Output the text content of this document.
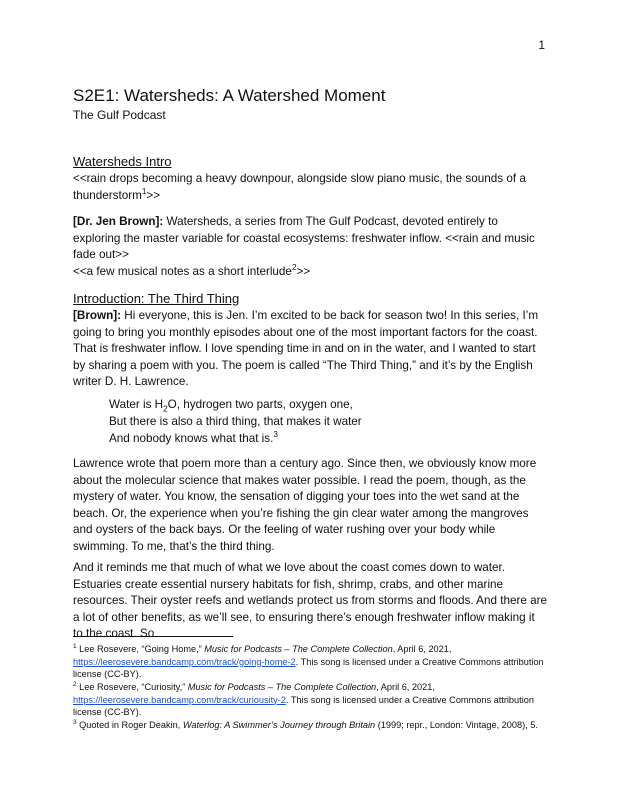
1
S2E1: Watersheds: A Watershed Moment
The Gulf Podcast
Watersheds Intro
<<rain drops becoming a heavy downpour, alongside slow piano music, the sounds of a thunderstorm$^1$>>
[Dr. Jen Brown]: Watersheds, a series from The Gulf Podcast, devoted entirely to exploring the master variable for coastal ecosystems: freshwater inflow. <<rain and music fade out>>
<<a few musical notes as a short interlude$^2$>>
Introduction: The Third Thing
[Brown]: Hi everyone, this is Jen. I’m excited to be back for season two! In this series, I’m going to bring you monthly episodes about one of the most important factors for the coast. That is freshwater inflow. I love spending time in and on in the water, and I wanted to start by sharing a poem with you. The poem is called “The Third Thing,” and it’s by the English writer D. H. Lawrence.
Water is $H_2O$, hydrogen two parts, oxygen one,
But there is also a third thing, that makes it water
And nobody knows what that is.$^3$
Lawrence wrote that poem more than a century ago. Since then, we obviously know more about the molecular science that makes water possible. I read the poem, though, as the mystery of water. You know, the sensation of digging your toes into the wet sand at the beach. Or, the experience when you’re fishing the gin clear water among the mangroves and oysters of the back bays. Or the feeling of water rushing over your body while swimming. To me, that’s the third thing.
And it reminds me that much of what we love about the coast comes down to water. Estuaries create essential nursery habitats for fish, shrimp, crabs, and other marine resources. Their oyster reefs and wetlands protect us from storms and floods. And there are a lot of other benefits, as we’ll see, to ensuring there’s enough freshwater inflow making it to the coast. So
$^1$ Lee Rosevere, “Going Home,” Music for Podcasts – The Complete Collection, April 6, 2021,
https://leerosevere.bandcamp.com/track/going-home-2. This song is licensed under a Creative Commons attribution license (CC-BY).
$^2$ Lee Rosevere, “Curiosity,” Music for Podcasts – The Complete Collection, April 6, 2021,
https://leerosevere.bandcamp.com/track/curiousity-2. This song is licensed under a Creative Commons attribution license (CC-BY).
$^3$ Quoted in Roger Deakin, Waterlog: A Swimmer’s Journey through Britain (1999; repr., London: Vintage, 2008), 5.
